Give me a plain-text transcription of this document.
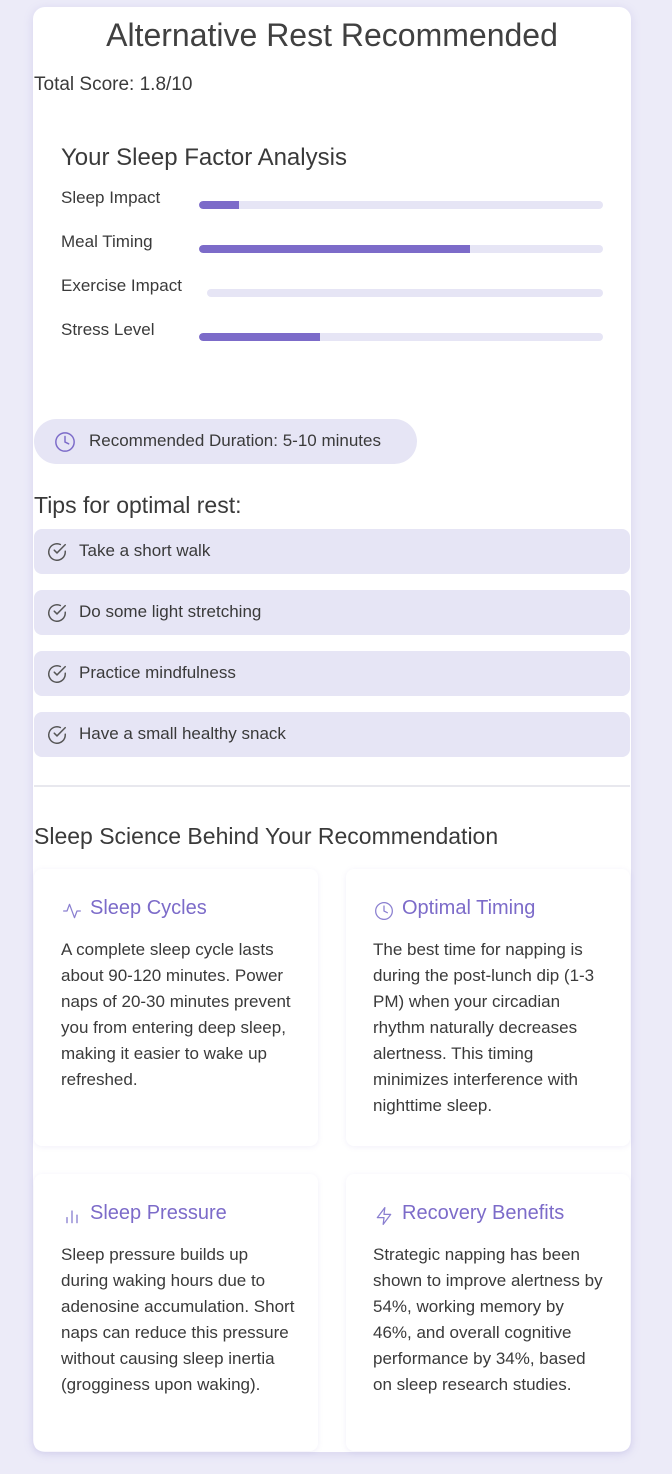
Alternative Rest Recommended
Total Score: 1.8/10
Your Sleep Factor Analysis
Sleep Impact	10%
Meal Timing	67%
Exercise Impact
Stress Level	30%
Recommended Duration: 5-10 minutes
Tips for optimal rest:
Take a short walk
Do some light stretching
Practice mindfulness
Have a small healthy snack
Sleep Science Behind Your Recommendation
Sleep Cycles
A complete sleep cycle lasts about 90-120 minutes. Power naps of 20-30 minutes prevent you from entering deep sleep, making it easier to wake up refreshed.
Optimal Timing
The best time for napping is during the post-lunch dip (1-3 PM) when your circadian rhythm naturally decreases alertness. This timing minimizes interference with nighttime sleep.
Sleep Pressure
Sleep pressure builds up during waking hours due to adenosine accumulation. Short naps can reduce this pressure without causing sleep inertia (grogginess upon waking).
Recovery Benefits
Strategic napping has been shown to improve alertness by 54%, working memory by 46%, and overall cognitive performance by 34%, based on sleep research studies.
